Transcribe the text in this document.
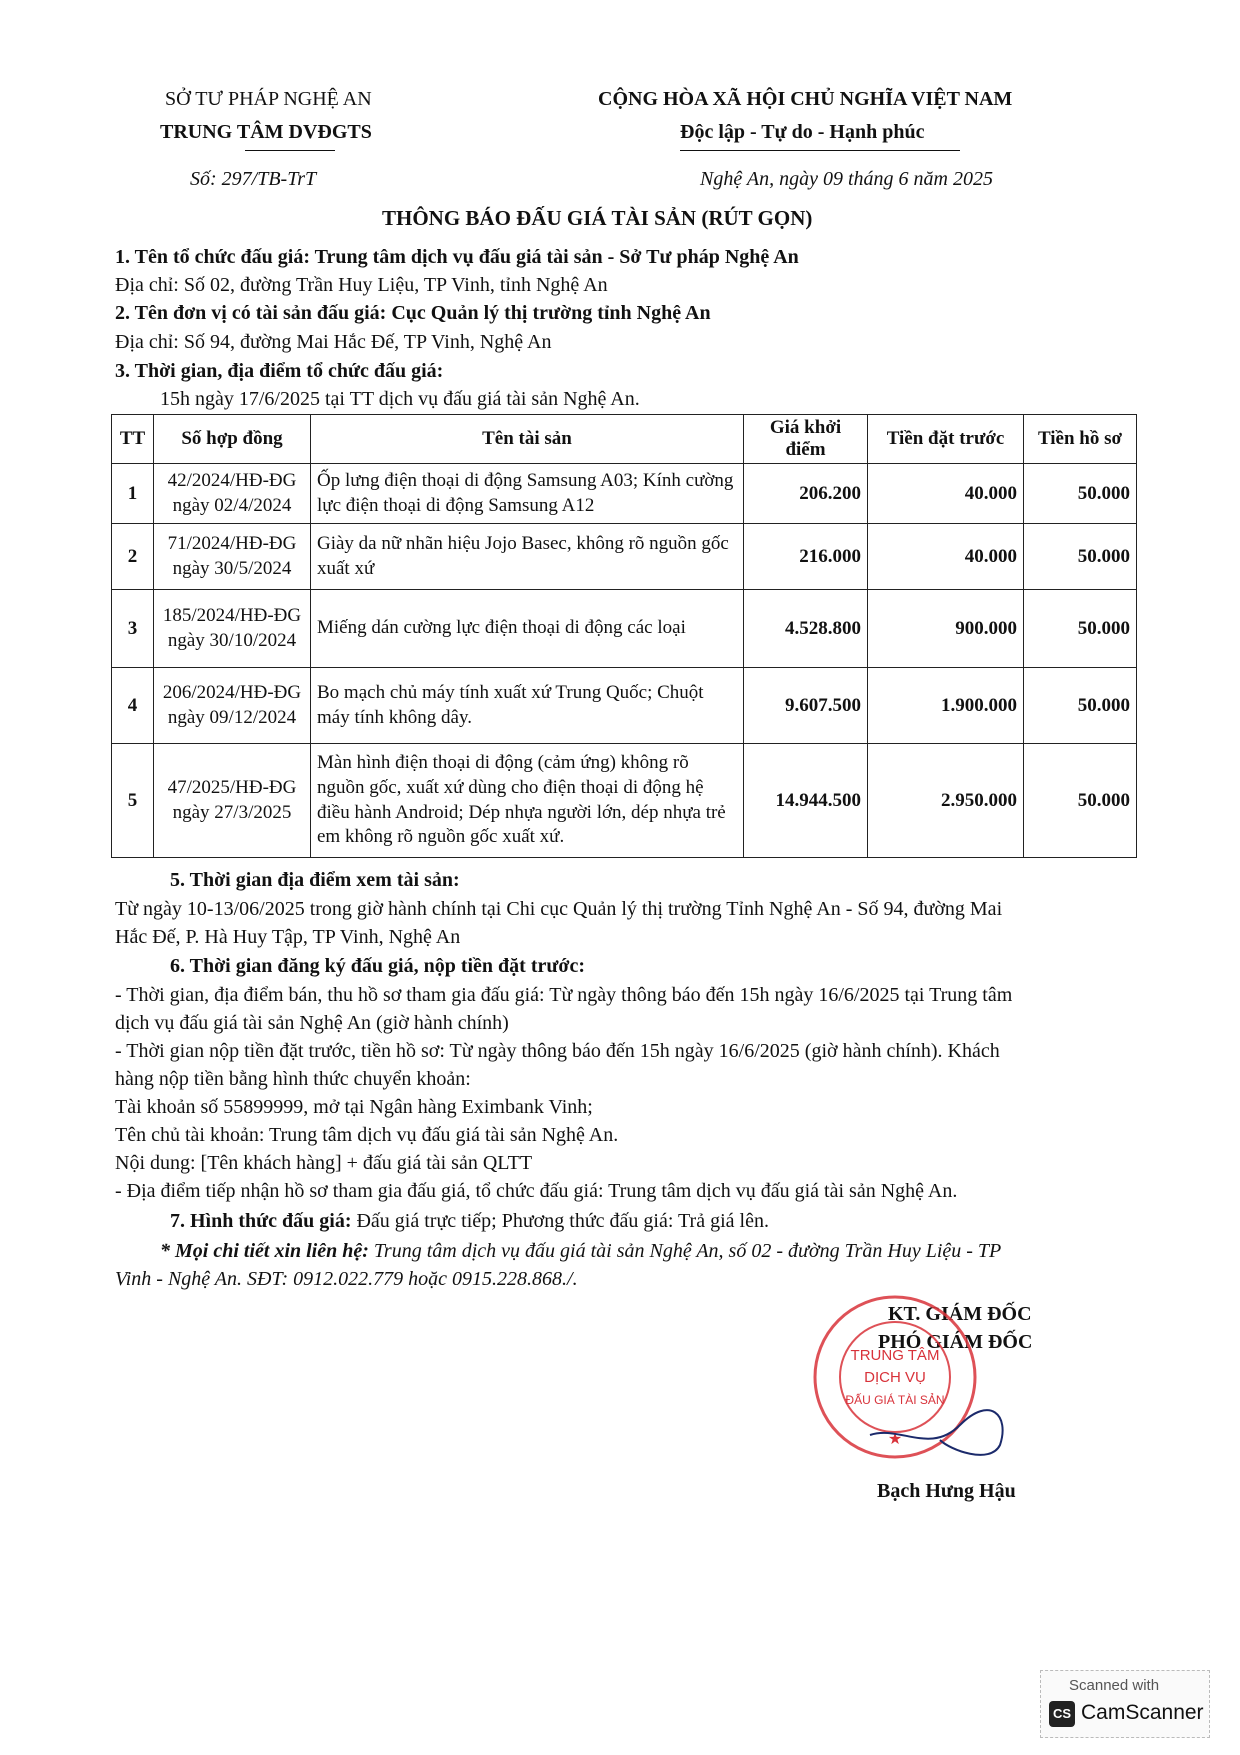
SỞ TƯ PHÁP NGHỆ AN
TRUNG TÂM DVĐGTS
CỘNG HÒA XÃ HỘI CHỦ NGHĨA VIỆT NAM
Độc lập - Tự do - Hạnh phúc
Số: 297/TB-TrT	Nghệ An, ngày 09 tháng 6 năm 2025
THÔNG BÁO ĐẤU GIÁ TÀI SẢN (RÚT GỌN)
1. Tên tổ chức đấu giá: Trung tâm dịch vụ đấu giá tài sản - Sở Tư pháp Nghệ An
Địa chỉ: Số 02, đường Trần Huy Liệu, TP Vinh, tỉnh Nghệ An
2. Tên đơn vị có tài sản đấu giá: Cục Quản lý thị trường tỉnh Nghệ An
Địa chỉ: Số 94, đường Mai Hắc Đế, TP Vinh, Nghệ An
3. Thời gian, địa điểm tổ chức đấu giá:
15h ngày 17/6/2025 tại TT dịch vụ đấu giá tài sản Nghệ An.
TT	Số hợp đồng	Tên tài sản	Giá khởi điểm	Tiền đặt trước	Tiền hồ sơ
1	42/2024/HĐ-ĐG
ngày 02/4/2024	Ốp lưng điện thoại di động Samsung A03; Kính cường lực điện thoại di động Samsung A12	206.200	40.000	50.000
2	71/2024/HĐ-ĐG
ngày 30/5/2024	Giày da nữ nhãn hiệu Jojo Basec, không rõ nguồn gốc xuất xứ	216.000	40.000	50.000
3	185/2024/HĐ-ĐG
ngày 30/10/2024	Miếng dán cường lực điện thoại di động các loại	4.528.800	900.000	50.000
4	206/2024/HĐ-ĐG
ngày 09/12/2024	Bo mạch chủ máy tính xuất xứ Trung Quốc; Chuột máy tính không dây.	9.607.500	1.900.000	50.000
5	47/2025/HĐ-ĐG
ngày 27/3/2025	Màn hình điện thoại di động (cảm ứng) không rõ nguồn gốc, xuất xứ dùng cho điện thoại di động hệ điều hành Android; Dép nhựa người lớn, dép nhựa trẻ em không rõ nguồn gốc xuất xứ.	14.944.500	2.950.000	50.000
5. Thời gian địa điểm xem tài sản:
Từ ngày 10-13/06/2025 trong giờ hành chính tại Chi cục Quản lý thị trường Tỉnh Nghệ An - Số 94, đường Mai
Hắc Đế, P. Hà Huy Tập, TP Vinh, Nghệ An
6. Thời gian đăng ký đấu giá, nộp tiền đặt trước:
- Thời gian, địa điểm bán, thu hồ sơ tham gia đấu giá: Từ ngày thông báo đến 15h ngày 16/6/2025 tại Trung tâm
dịch vụ đấu giá tài sản Nghệ An (giờ hành chính)
- Thời gian nộp tiền đặt trước, tiền hồ sơ: Từ ngày thông báo đến 15h ngày 16/6/2025 (giờ hành chính). Khách
hàng nộp tiền bằng hình thức chuyển khoản:
Tài khoản số 55899999, mở tại Ngân hàng Eximbank Vinh;
Tên chủ tài khoản: Trung tâm dịch vụ đấu giá tài sản Nghệ An.
Nội dung: [Tên khách hàng] + đấu giá tài sản QLTT
- Địa điểm tiếp nhận hồ sơ tham gia đấu giá, tổ chức đấu giá: Trung tâm dịch vụ đấu giá tài sản Nghệ An.
7. Hình thức đấu giá: Đấu giá trực tiếp; Phương thức đấu giá: Trả giá lên.
* Mọi chi tiết xin liên hệ: Trung tâm dịch vụ đấu giá tài sản Nghệ An, số 02 - đường Trần Huy Liệu - TP
Vinh - Nghệ An. SĐT: 0912.022.779 hoặc 0915.228.868./.
KT. GIÁM ĐỐC
PHÓ GIÁM ĐỐC
TRUNG TÂM
DỊCH VỤ
ĐẤU GIÁ TÀI SẢN
★
Bạch Hưng Hậu
Scanned with
CS CamScanner
